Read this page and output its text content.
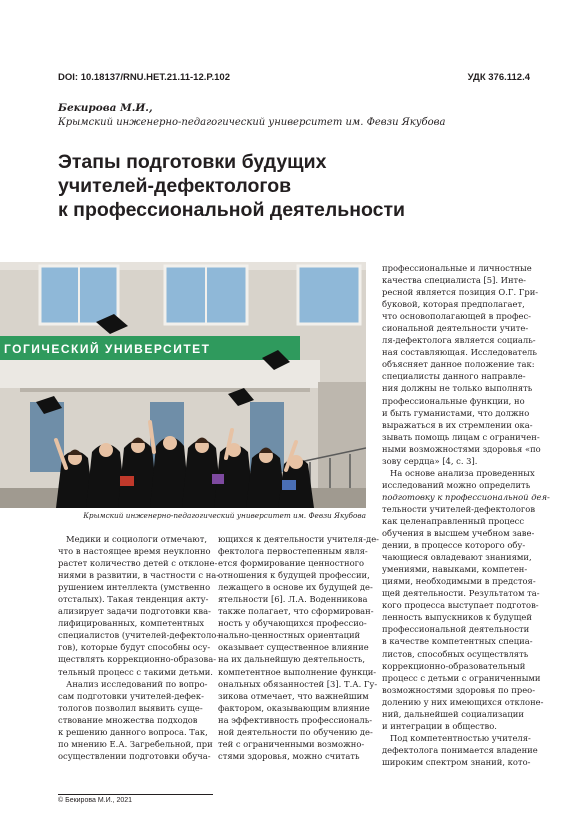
DOI: 10.18137/RNU.HET.21.11-12.P.102	УДК 376.112.4
Бекирова М.И.,
Крымский инженерно-педагогический университет им. Февзи Якубова
Этапы подготовки будущих
учителей-дефектологов
к профессиональной деятельности
ГОГИЧЕСКИЙ УНИВЕРСИТЕТ
Крымский инженерно-педагогический университет им. Февзи Якубова
Медики и социологи отмечают,
что в настоящее время неуклонно
растет количество детей с отклоне-
ниями в развитии, в частности с на-
рушением интеллекта (умственно
отсталых). Такая тенденция акту-
ализирует задачи подготовки ква-
лифицированных, компетентных
специалистов (учителей-дефектоло-
гов), которые будут способны осу-
ществлять коррекционно-образова-
тельный процесс с такими детьми.
Анализ исследований по вопро-
сам подготовки учителей-дефек-
тологов позволил выявить суще-
ствование множества подходов
к решению данного вопроса. Так,
по мнению Е.А. Загребельной, при
осуществлении подготовки обуча-
ющихся к деятельности учителя-де-
фектолога первостепенным явля-
ется формирование ценностного
отношения к будущей профессии,
лежащего в основе их будущей де-
ятельности [6]. Л.А. Воденникова
также полагает, что сформирован-
ность у обучающихся профессио-
нально-ценностных ориентаций
оказывает существенное влияние
на их дальнейшую деятельность,
компетентное выполнение функци-
ональных обязанностей [3]. Т.А. Гу-
зикова отмечает, что важнейшим
фактором, оказывающим влияние
на эффективность профессиональ-
ной деятельности по обучению де-
тей с ограниченными возможно-
стями здоровья, можно считать
профессиональные и личностные
качества специалиста [5]. Инте-
ресной является позиция О.Г. Гри-
буковой, которая предполагает,
что основополагающей в профес-
сиональной деятельности учите-
ля-дефектолога является социаль-
ная составляющая. Исследователь
объясняет данное положение так:
специалисты данного направле-
ния должны не только выполнять
профессиональные функции, но
и быть гуманистами, что должно
выражаться в их стремлении ока-
зывать помощь лицам с ограничен-
ными возможностями здоровья «по
зову сердца» [4, с. 3].
На основе анализа проведенных
исследований можно определить
подготовку к профессиональной дея-
тельности учителей-дефектологов
как целенаправленный процесс
обучения в высшем учебном заве-
дении, в процессе которого обу-
чающиеся овладевают знаниями,
умениями, навыками, компетен-
циями, необходимыми в предстоя-
щей деятельности. Результатом та-
кого процесса выступает подготов-
ленность выпускников к будущей
профессиональной деятельности
в качестве компетентных специа-
листов, способных осуществлять
коррекционно-образовательный
процесс с детьми с ограниченными
возможностями здоровья по прео-
долению у них имеющихся отклоне-
ний, дальнейшей социализации
и интеграции в общество.
Под компетентностью учителя-
дефектолога понимается владение
широким спектром знаний, кото-
© Бекирова М.И., 2021
